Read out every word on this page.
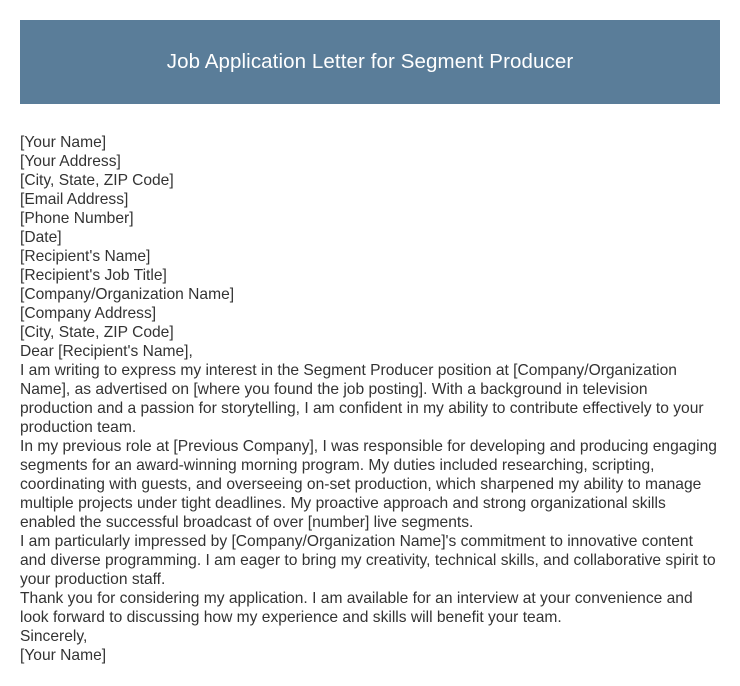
Job Application Letter for Segment Producer

[Your Name]

[Your Address]

[City, State, ZIP Code]

[Email Address]

[Phone Number]

[Date]

[Recipient's Name]

[Recipient's Job Title]

[Company/Organization Name]

[Company Address]

[City, State, ZIP Code]

Dear [Recipient's Name],

I am writing to express my interest in the Segment Producer position at [Company/Organization Name], as advertised on [where you found the job posting]. With a background in television production and a passion for storytelling, I am confident in my ability to contribute effectively to your production team.

In my previous role at [Previous Company], I was responsible for developing and producing engaging segments for an award-winning morning program. My duties included researching, scripting, coordinating with guests, and overseeing on-set production, which sharpened my ability to manage multiple projects under tight deadlines. My proactive approach and strong organizational skills enabled the successful broadcast of over [number] live segments.

I am particularly impressed by [Company/Organization Name]'s commitment to innovative content and diverse programming. I am eager to bring my creativity, technical skills, and collaborative spirit to your production staff.

Thank you for considering my application. I am available for an interview at your convenience and look forward to discussing how my experience and skills will benefit your team.

Sincerely,

[Your Name]
